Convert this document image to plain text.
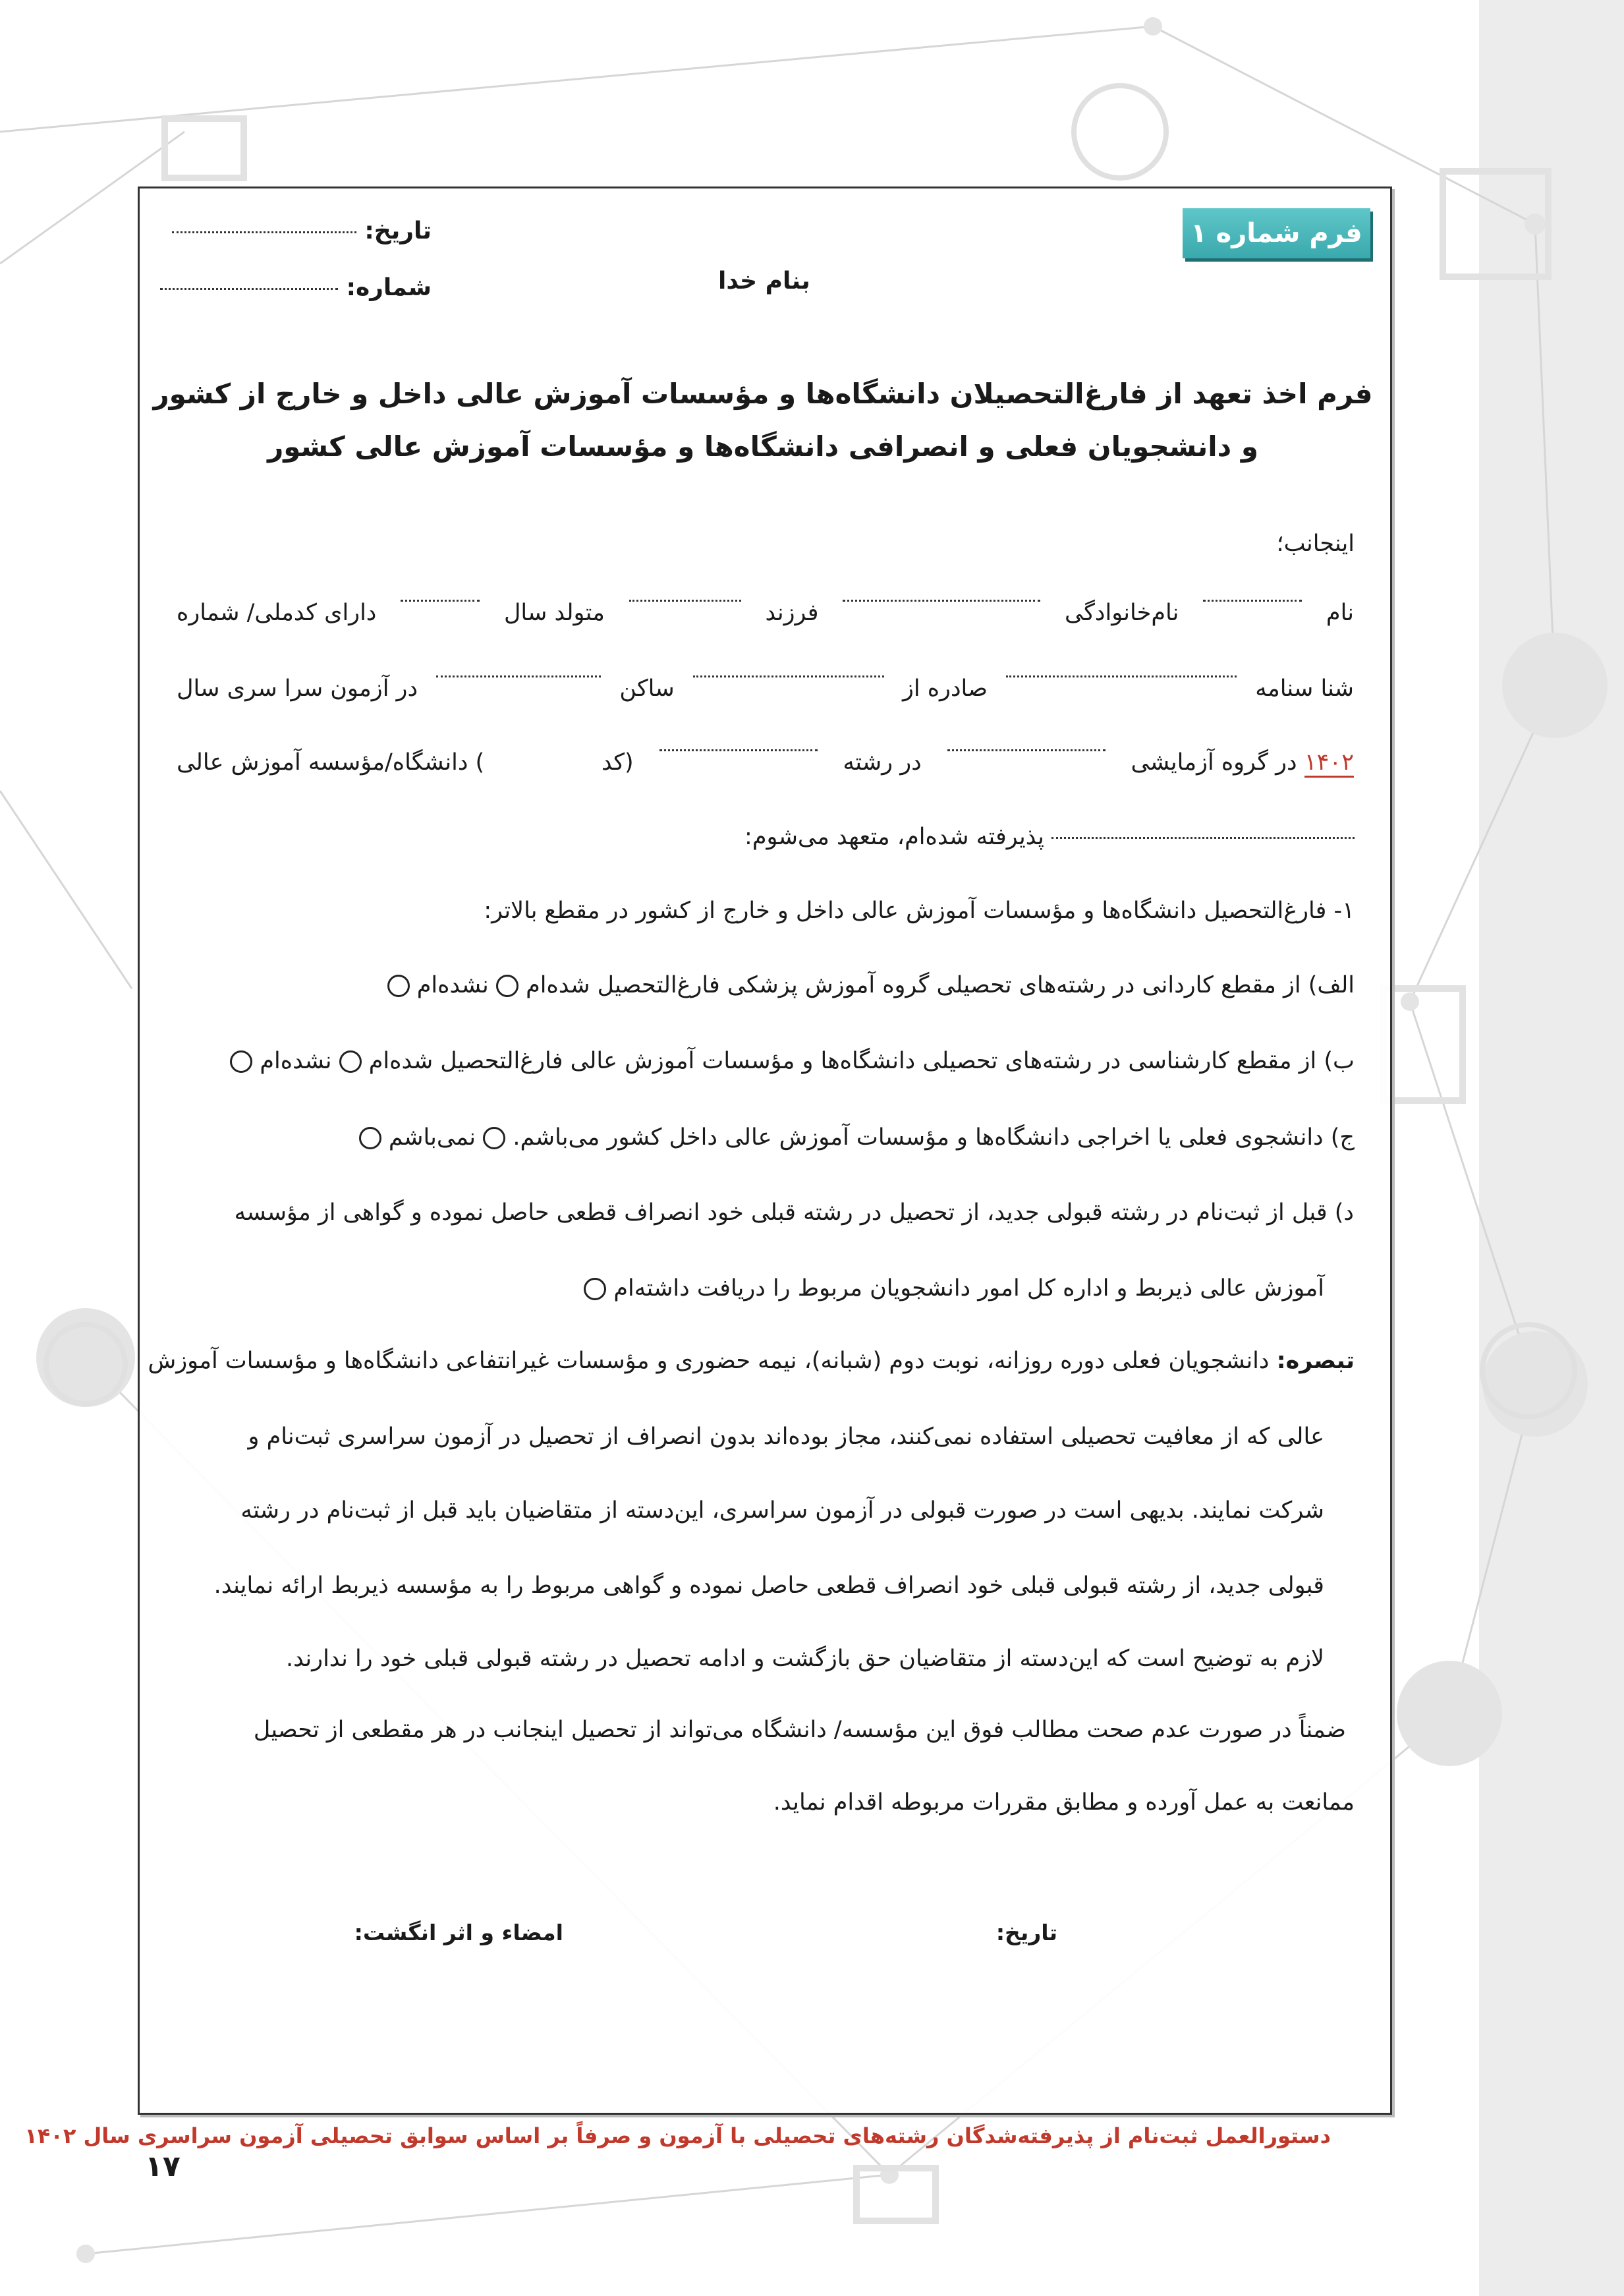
فرم شماره ۱
تاریخ:
شماره:	بنام خدا
فرم اخذ تعهد از فارغ‌التحصیلان دانشگاه‌ها و مؤسسات آموزش عالی داخل و خارج از کشور
و دانشجویان فعلی و انصرافی دانشگاه‌ها و مؤسسات آموزش عالی کشور
اینجانب؛
نام
نام‌خانوادگی
فرزند
متولد سال
دارای کدملی/ شماره
شنا سنامه
صادره از
ساکن
در آزمون سرا سری سال
۱۴۰۲ در گروه آزمایشی
در رشته
(کد
) دانشگاه/مؤسسه آموزش عالی
پذیرفته شده‌ام، متعهد می‌شوم:
۱- فارغ‌التحصیل دانشگاه‌ها و مؤسسات آموزش عالی داخل و خارج از کشور در مقطع بالاتر:
الف) از مقطع کاردانی در رشته‌های تحصیلی گروه آموزش پزشکی فارغ‌التحصیل شده‌ام  نشده‌ام
ب) از مقطع کارشناسی در رشته‌های تحصیلی دانشگاه‌ها و مؤسسات آموزش عالی فارغ‌التحصیل شده‌ام  نشده‌ام
ج) دانشجوی فعلی یا اخراجی دانشگاه‌ها و مؤسسات آموزش عالی داخل کشور می‌باشم.  نمی‌باشم
د) قبل از ثبت‌نام در رشته قبولی جدید، از تحصیل در رشته قبلی خود انصراف قطعی حاصل نموده و گواهی از مؤسسه
آموزش عالی ذیربط و اداره کل امور دانشجویان مربوط را دریافت داشته‌ام
تبصره: دانشجویان فعلی دوره روزانه، نوبت دوم (شبانه)، نیمه حضوری و مؤسسات غیرانتفاعی دانشگاه‌ها و مؤسسات آموزش
عالی که از معافیت تحصیلی استفاده نمی‌کنند، مجاز بوده‌اند بدون انصراف از تحصیل در آزمون سراسری ثبت‌نام و
شرکت نمایند. بدیهی است در صورت قبولی در آزمون سراسری، این‌دسته از متقاضیان باید قبل از ثبت‌نام در رشته
قبولی جدید، از رشته قبولی قبلی خود انصراف قطعی حاصل نموده و گواهی مربوط را به مؤسسه ذیربط ارائه نمایند.
لازم به توضیح است که این‌دسته از متقاضیان حق بازگشت و ادامه تحصیل در رشته قبولی قبلی خود را ندارند.
ضمناً در صورت عدم صحت مطالب فوق این مؤسسه/ دانشگاه می‌تواند از تحصیل اینجانب در هر مقطعی از تحصیل
ممانعت به عمل آورده و مطابق مقررات مربوطه اقدام نماید.
تاریخ:
امضاء و اثر انگشت:
دستورالعمل ثبت‌نام از پذیرفته‌شدگان رشته‌های تحصیلی با آزمون و صرفاً بر اساس سوابق تحصیلی آزمون سراسری سال ۱۴۰۲
۱۷
